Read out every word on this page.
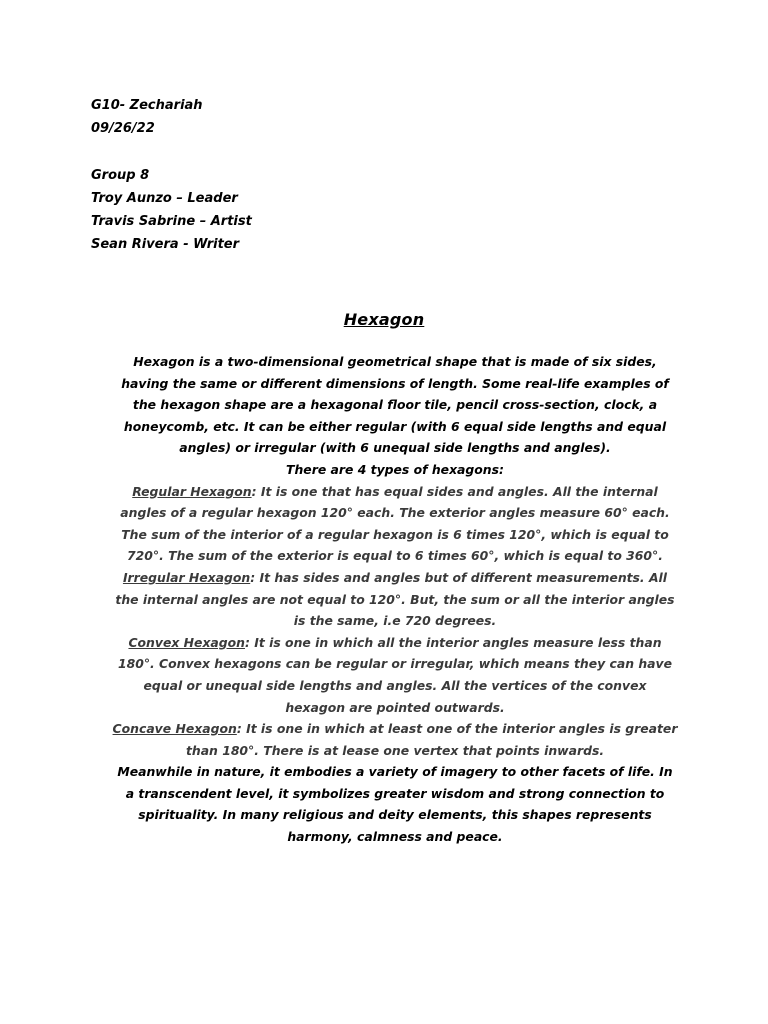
G10- Zechariah
09/26/22
Group 8
Troy Aunzo – Leader
Travis Sabrine – Artist
Sean Rivera - Writer
Hexagon

Hexagon is a two-dimensional geometrical shape that is made of six sides, having the same or different dimensions of length. Some real-life examples of the hexagon shape are a hexagonal floor tile, pencil cross-section, clock, a honeycomb, etc. It can be either regular (with 6 equal side lengths and equal angles) or irregular (with 6 unequal side lengths and angles).

There are 4 types of hexagons:

Regular Hexagon: It is one that has equal sides and angles. All the internal angles of a regular hexagon 120° each. The exterior angles measure 60° each. The sum of the interior of a regular hexagon is 6 times 120°, which is equal to 720°. The sum of the exterior is equal to 6 times 60°, which is equal to 360°.

Irregular Hexagon: It has sides and angles but of different measurements. All the internal angles are not equal to 120°. But, the sum or all the interior angles is the same, i.e 720 degrees.

Convex Hexagon: It is one in which all the interior angles measure less than 180°. Convex hexagons can be regular or irregular, which means they can have equal or unequal side lengths and angles. All the vertices of the convex hexagon are pointed outwards.

Concave Hexagon: It is one in which at least one of the interior angles is greater than 180°. There is at lease one vertex that points inwards.

Meanwhile in nature, it embodies a variety of imagery to other facets of life. In a transcendent level, it symbolizes greater wisdom and strong connection to spirituality. In many religious and deity elements, this shapes represents harmony, calmness and peace.
